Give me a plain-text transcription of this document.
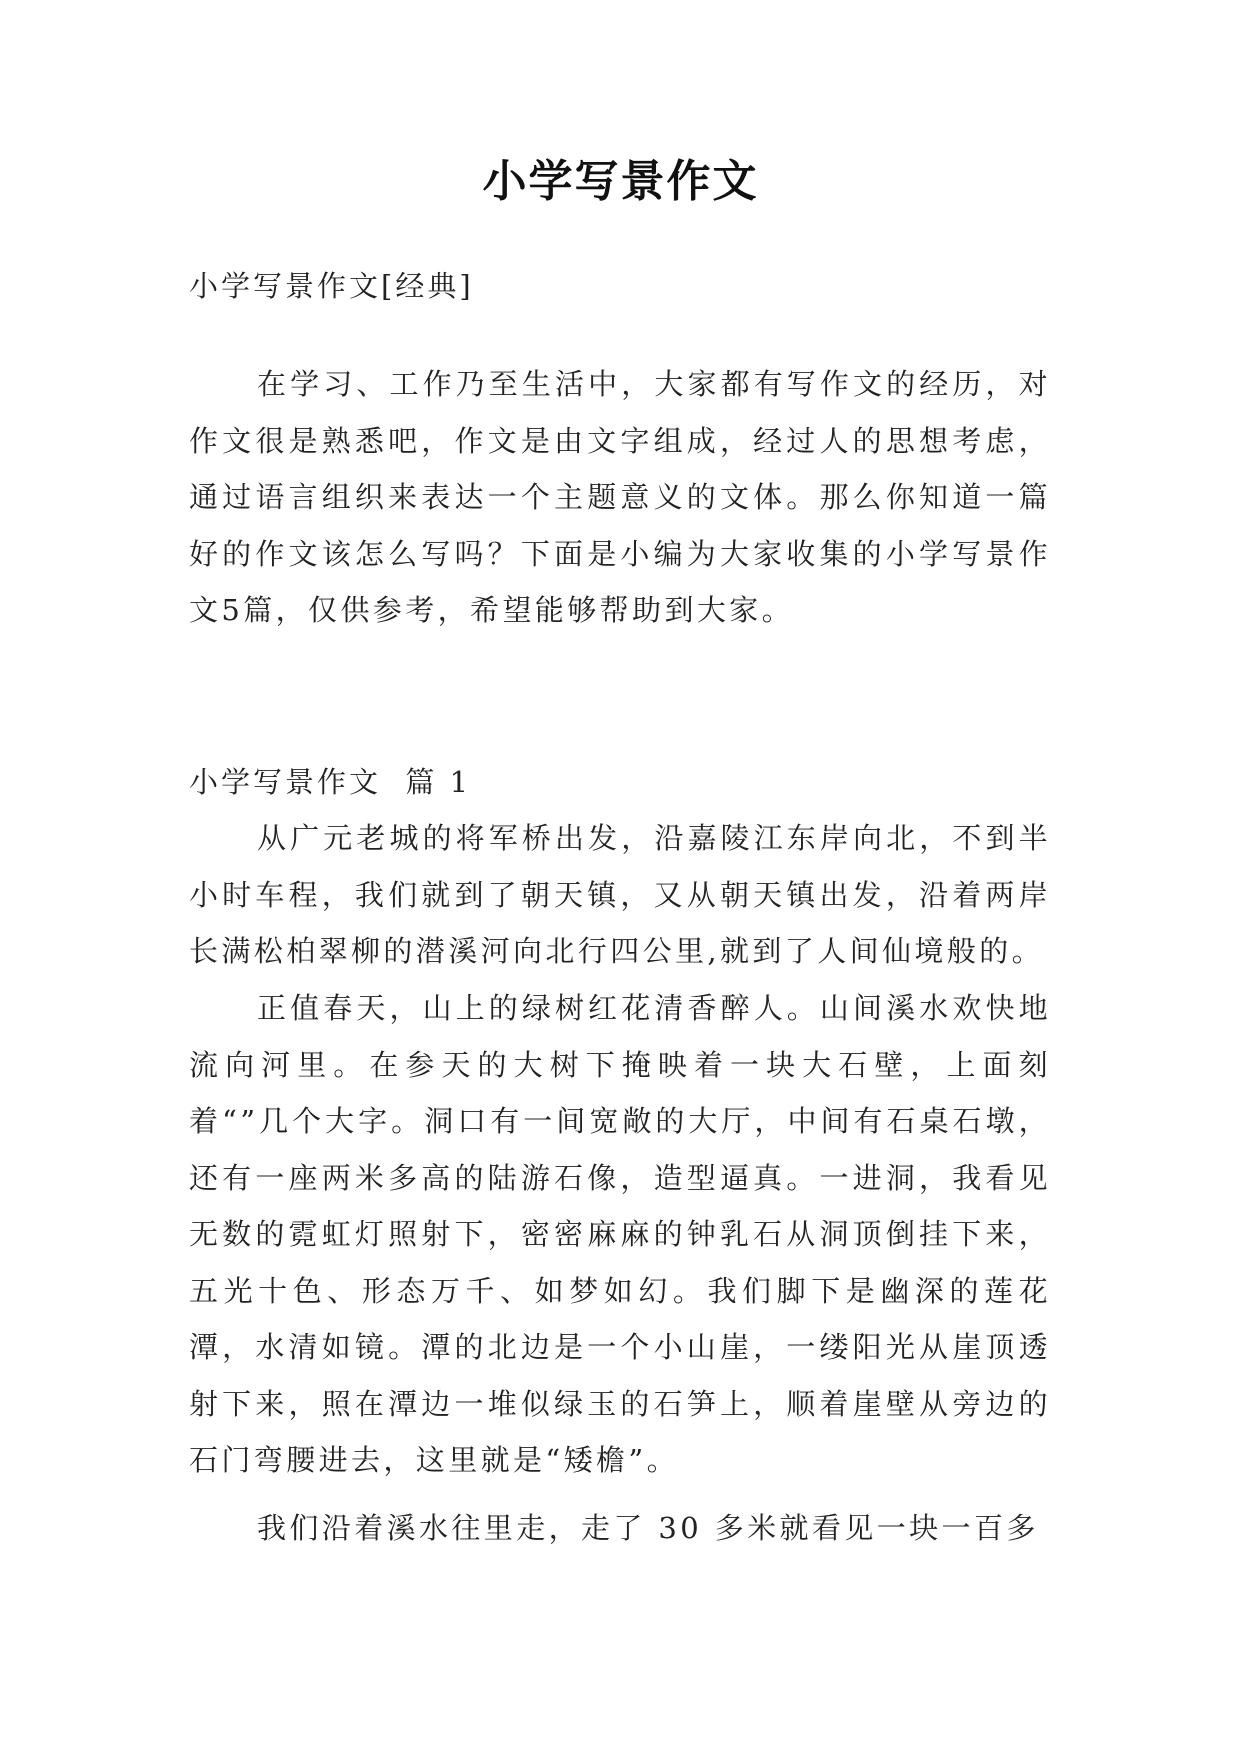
小学写景作文
小学写景作文[经典]

在学习、工作乃至生活中，大家都有写作文的经历，对作文很是熟悉吧，作文是由文字组成，经过人的思想考虑，通过语言组织来表达一个主题意义的文体。那么你知道一篇好的作文该怎么写吗？下面是小编为大家收集的小学写景作文5篇，仅供参考，希望能够帮助到大家。

小学写景作文  篇 1

从广元老城的将军桥出发，沿嘉陵江东岸向北，不到半小时车程，我们就到了朝天镇，又从朝天镇出发，沿着两岸长满松柏翠柳的潜溪河向北行四公里,就到了人间仙境般的。

正值春天，山上的绿树红花清香醉人。山间溪水欢快地流向河里。在参天的大树下掩映着一块大石壁，上面刻着“”几个大字。洞口有一间宽敞的大厅，中间有石桌石墩，还有一座两米多高的陆游石像，造型逼真。一进洞，我看见无数的霓虹灯照射下，密密麻麻的钟乳石从洞顶倒挂下来，五光十色、形态万千、如梦如幻。我们脚下是幽深的莲花潭，水清如镜。潭的北边是一个小山崖，一缕阳光从崖顶透射下来，照在潭边一堆似绿玉的石笋上，顺着崖壁从旁边的石门弯腰进去，这里就是“矮檐”。

我们沿着溪水往里走，走了 30 多米就看见一块一百多
